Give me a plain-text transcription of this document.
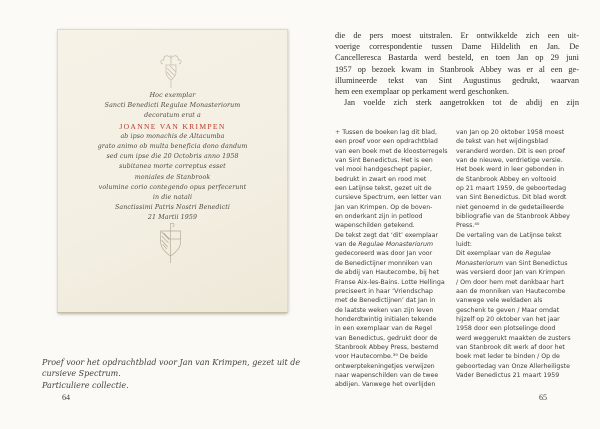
Hoc exemplar
Sancti Benedicti Regulae Monasteriorum
decoratum erat a
JOANNE VAN KRIMPEN
ab ipso monachis de Altacumba
grato animo ob multa beneficia dono dandum
sed cum ipse die 20 Octobris anno 1958
subitanea morte correptus esset
moniales de Stanbrook
volumine corio contegendo opus perfecerunt
in die natali
Sanctissimi Patris Nostri Benedicti
21 Martii 1959
Proef voor het opdrachtblad voor Jan van Krimpen, gezet uit de cursieve Spectrum.
Particuliere collectie.
64
die de pers moest uitstralen. Er ontwikkelde zich een uit-
voerige correspondentie tussen Dame Hildelith en Jan. De
Cancelleresca Bastarda werd besteld, en toen Jan op 29 juni
1957 op bezoek kwam in Stanbrook Abbey was er al een ge-
illumineerde tekst van Sint Augustinus gedrukt, waarvan
hem een exemplaar op perkament werd geschonken.
Jan voelde zich sterk aangetrokken tot de abdij en zijn
+ Tussen de boeken lag dit blad,
een proef voor een opdrachtblad
van een boek met de kloosterregels
van Sint Benedictus. Het is een
vel mooi handgeschept papier,
bedrukt in zwart en rood met
een Latijnse tekst, gezet uit de
cursieve Spectrum, een letter van
Jan van Krimpen. Op de boven-
en onderkant zijn in potlood
wapenschilden getekend.
De tekst zegt dat ‘dit’ exemplaar
van de Regulae Monasteriorum
gedecoreerd was door Jan voor
de Benedictijner monniken van
de abdij van Hautecombe, bij het
Franse Aix-les-Bains. Lotte Hellinga
preciseert in haar ‘Vriendschap
met de Benedictijnen’ dat Jan in
de laatste weken van zijn leven
honderdtwintig initialen tekende
in een exemplaar van de Regel
van Benedictus, gedrukt door de
Stanbrook Abbey Press, bestemd
voor Hautecombe.³⁹ De beide
ontwerptekeningetjes verwijzen
naar wapenschilden van de twee
abdijen. Vanwege het overlijden
van Jan op 20 oktober 1958 moest
de tekst van het wijdingsblad
veranderd worden. Dit is een proef
van de nieuwe, verdrietige versie.
Het boek werd in leer gebonden in
de Stanbrook Abbey en voltooid
op 21 maart 1959, de geboortedag
van Sint Benedictus. Dit blad wordt
niet genoemd in de gedetailleerde
bibliografie van de Stanbrook Abbey
Press.⁴⁰
De vertaling van de Latijnse tekst
luidt:
Dit exemplaar van de Regulae
Monasteriorum van Sint Benedictus
was versierd door Jan van Krimpen
/ Om door hem met dankbaar hart
aan de monniken van Hautecombe
vanwege vele weldaden als
geschenk te geven / Maar omdat
hijzelf op 20 oktober van het jaar
1958 door een plotselinge dood
werd weggerukt maakten de zusters
van Stanbrook dit werk af door het
boek met leder te binden / Op de
geboortedag van Onze Allerheiligste
Vader Benedictus 21 maart 1959
65
